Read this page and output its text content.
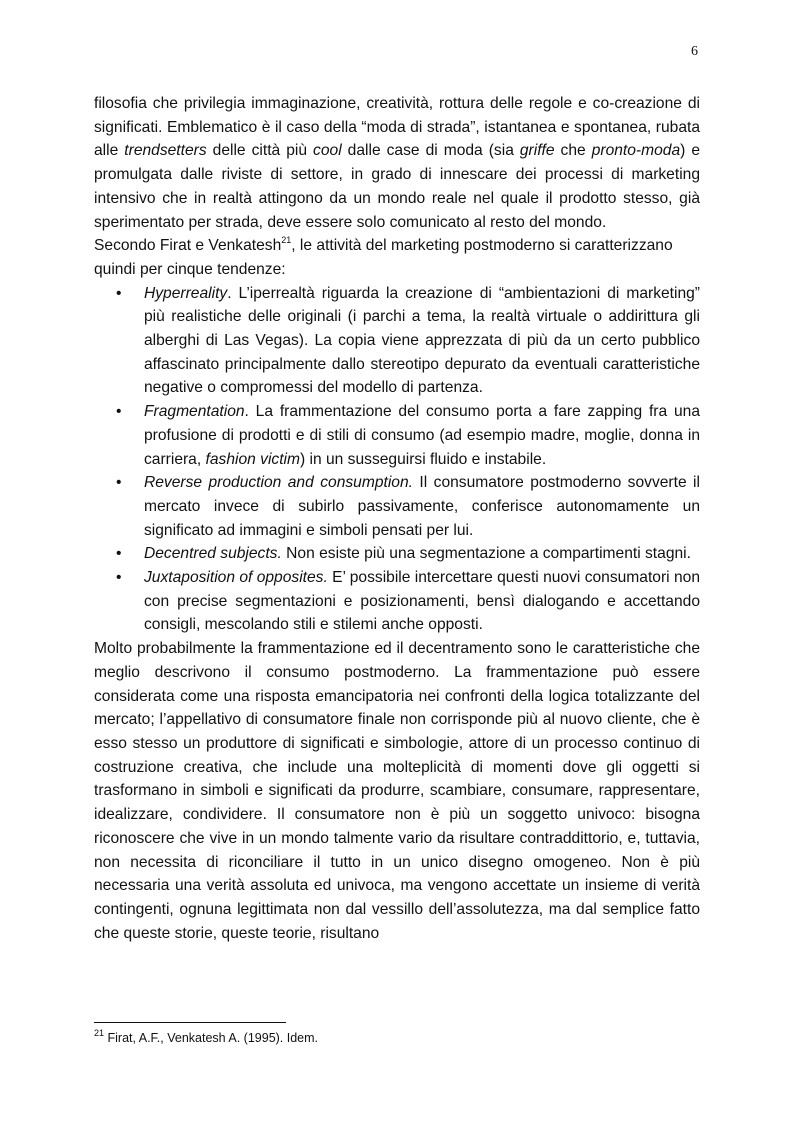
6

filosofia che privilegia immaginazione, creatività, rottura delle regole e co-creazione di significati. Emblematico è il caso della “moda di strada”, istantanea e spontanea, rubata alle trendsetters delle città più cool dalle case di moda (sia griffe che pronto-moda) e promulgata dalle riviste di settore, in grado di innescare dei processi di marketing intensivo che in realtà attingono da un mondo reale nel quale il prodotto stesso, già sperimentato per strada, deve essere solo comunicato al resto del mondo.

Secondo Firat e Venkatesh$^{21}$, le attività del marketing postmoderno si caratterizzano quindi per cinque tendenze:

• Hyperreality. L’iperrealtà riguarda la creazione di “ambientazioni di marketing” più realistiche delle originali (i parchi a tema, la realtà virtuale o addirittura gli alberghi di Las Vegas). La copia viene apprezzata di più da un certo pubblico affascinato principalmente dallo stereotipo depurato da eventuali caratteristiche negative o compromessi del modello di partenza.
• Fragmentation. La frammentazione del consumo porta a fare zapping fra una profusione di prodotti e di stili di consumo (ad esempio madre, moglie, donna in carriera, fashion victim) in un susseguirsi fluido e instabile.
• Reverse production and consumption. Il consumatore postmoderno sovverte il mercato invece di subirlo passivamente, conferisce autonomamente un significato ad immagini e simboli pensati per lui.
• Decentred subjects. Non esiste più una segmentazione a compartimenti stagni.
• Juxtaposition of opposites. E’ possibile intercettare questi nuovi consumatori non con precise segmentazioni e posizionamenti, bensì dialogando e accettando consigli, mescolando stili e stilemi anche opposti.

Molto probabilmente la frammentazione ed il decentramento sono le caratteristiche che meglio descrivono il consumo postmoderno. La frammentazione può essere considerata come una risposta emancipatoria nei confronti della logica totalizzante del mercato; l’appellativo di consumatore finale non corrisponde più al nuovo cliente, che è esso stesso un produttore di significati e simbologie, attore di un processo continuo di costruzione creativa, che include una molteplicità di momenti dove gli oggetti si trasformano in simboli e significati da produrre, scambiare, consumare, rappresentare, idealizzare, condividere. Il consumatore non è più un soggetto univoco: bisogna riconoscere che vive in un mondo talmente vario da risultare contraddittorio, e, tuttavia, non necessita di riconciliare il tutto in un unico disegno omogeneo. Non è più necessaria una verità assoluta ed univoca, ma vengono accettate un insieme di verità contingenti, ognuna legittimata non dal vessillo dell’assolutezza, ma dal semplice fatto che queste storie, queste teorie, risultano

$^{21}$ Firat, A.F., Venkatesh A. (1995). Idem.
